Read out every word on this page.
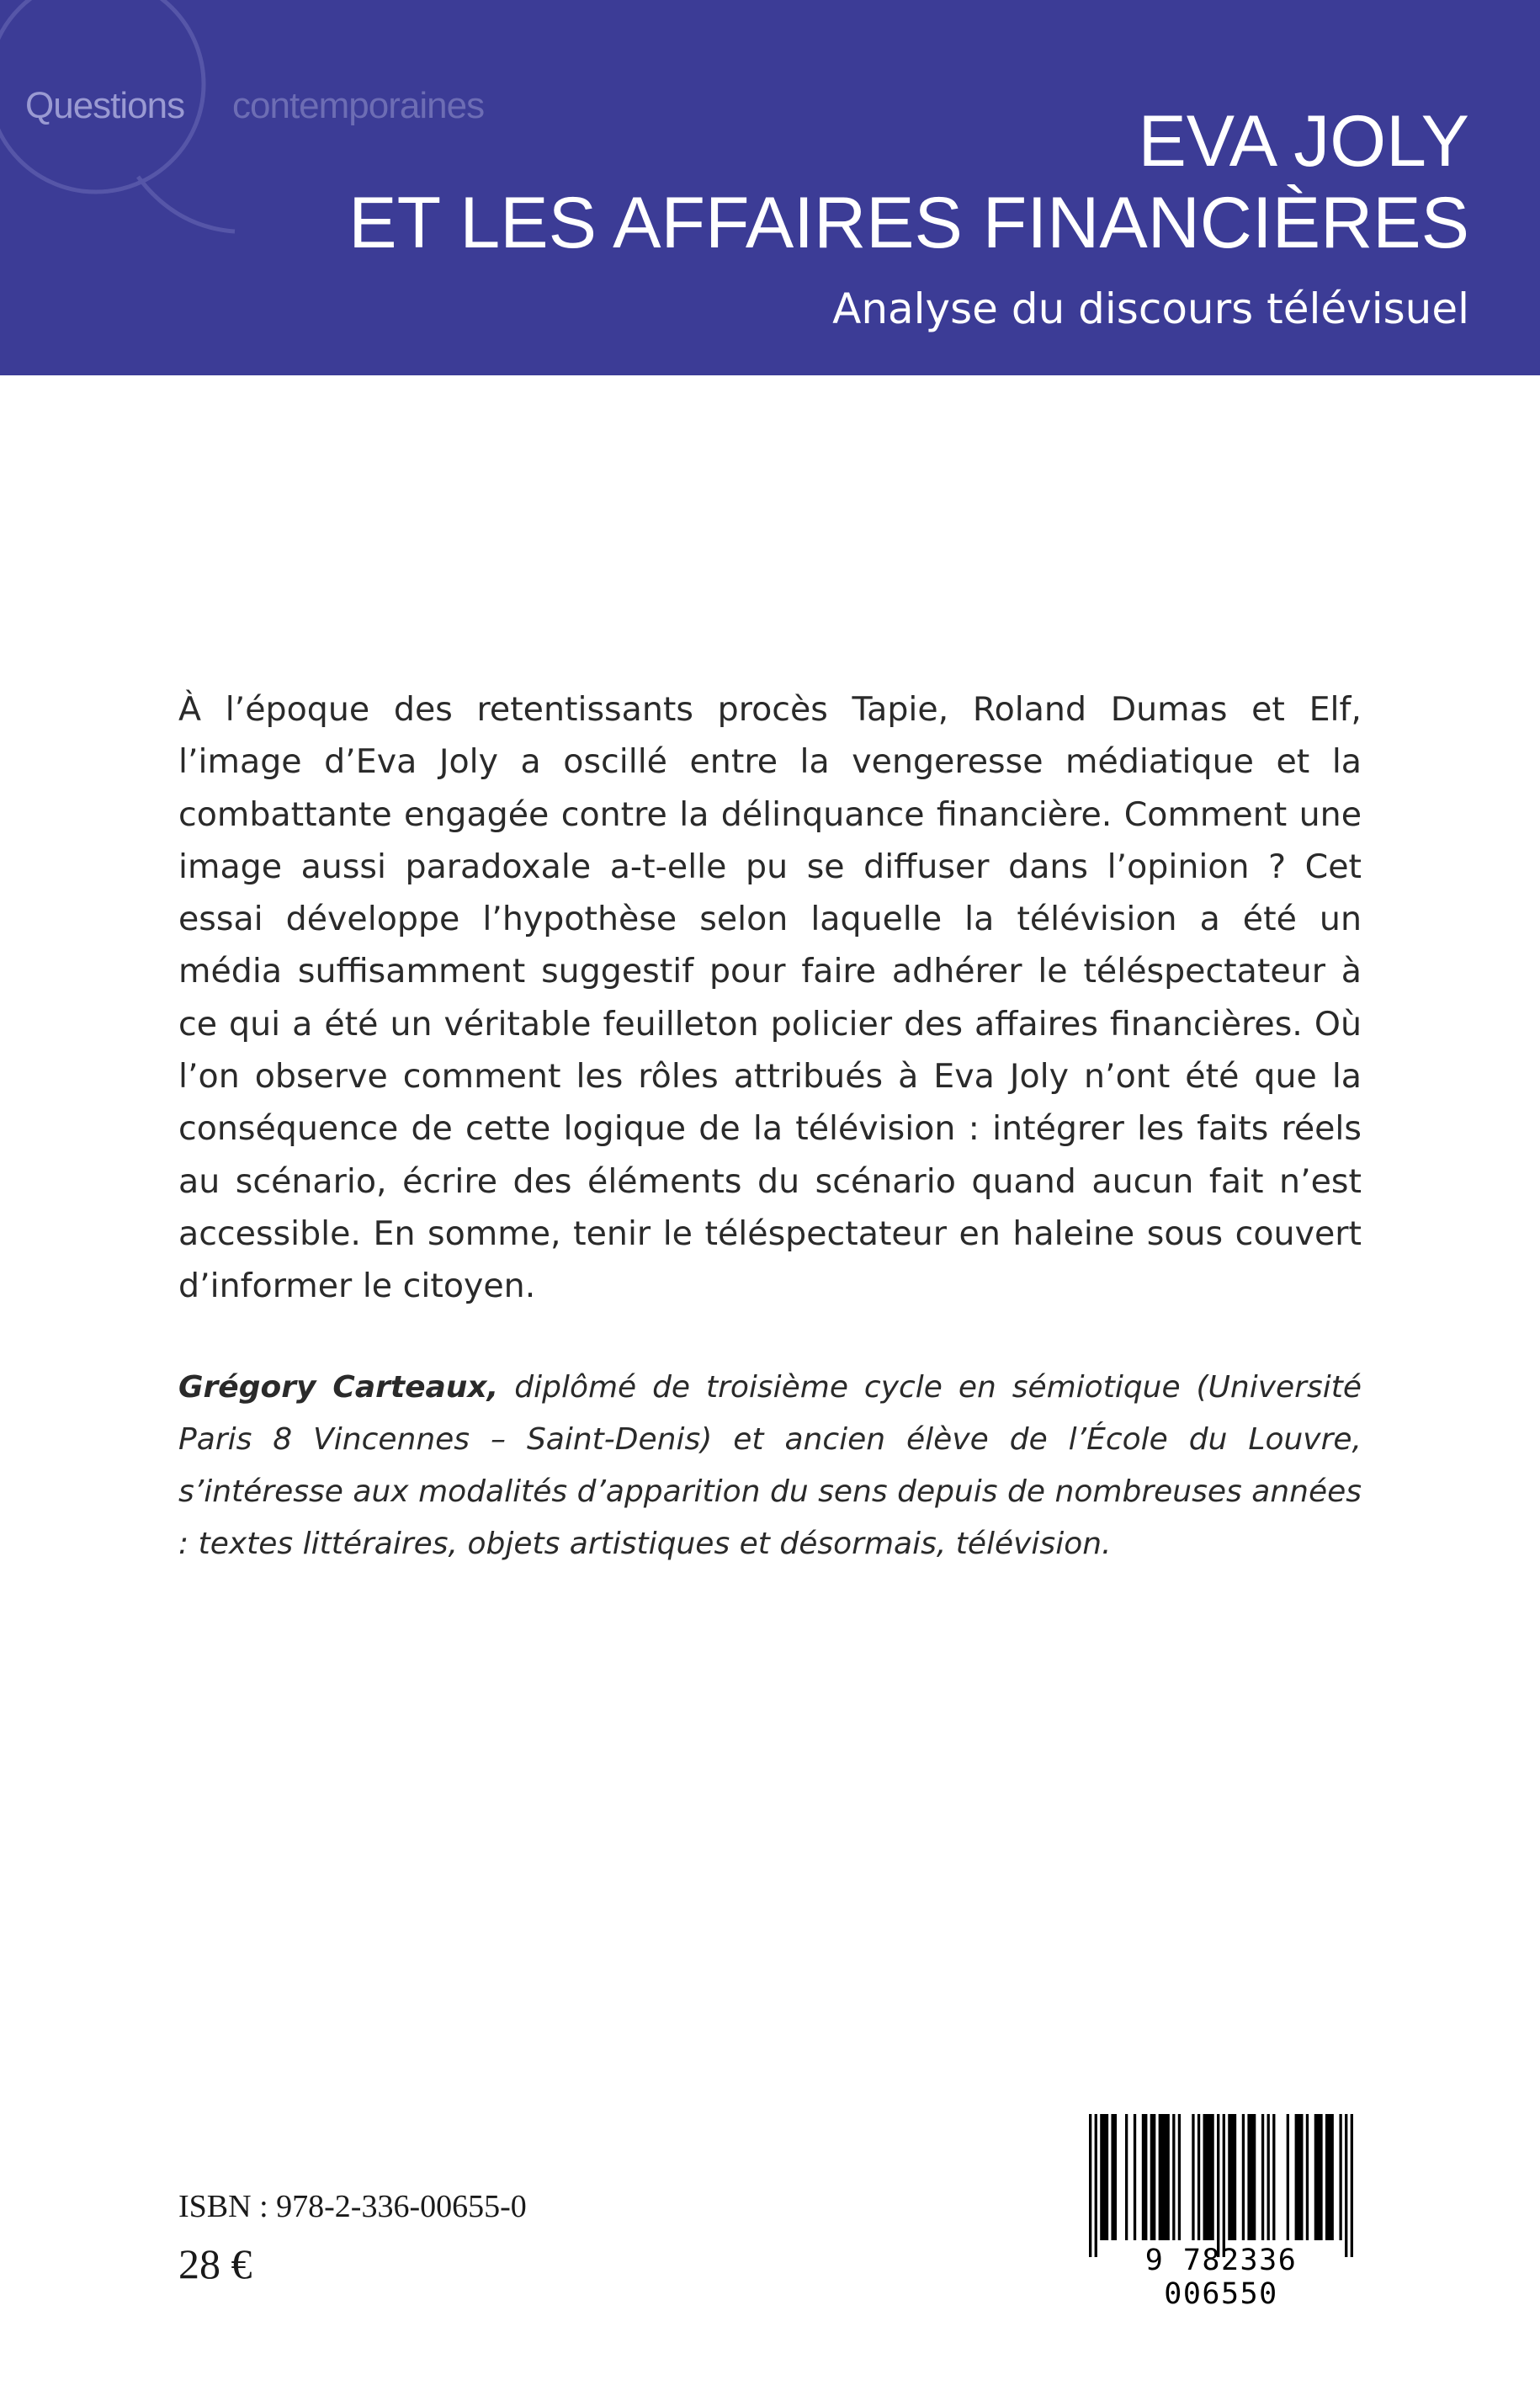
Questions contemporaines	EVA JOLY
ET LES AFFAIRES FINANCIÈRES
Analyse du discours télévisuel

À l’époque des retentissants procès Tapie, Roland Dumas et Elf, l’image d’Eva Joly a oscillé entre la vengeresse médiatique et la combattante engagée contre la délinquance financière. Comment une image aussi paradoxale a-t-elle pu se diffuser dans l’opinion ? Cet essai développe l’hypothèse selon laquelle la télévision a été un média suffisamment suggestif pour faire adhérer le téléspectateur à ce qui a été un véritable feuilleton policier des affaires financières. Où l’on observe comment les rôles attribués à Eva Joly n’ont été que la conséquence de cette logique de la télévision : intégrer les faits réels au scénario, écrire des éléments du scénario quand aucun fait n’est accessible. En somme, tenir le téléspectateur en haleine sous couvert d’informer le citoyen.

Grégory Carteaux, diplômé de troisième cycle en sémiotique (Université Paris 8 Vincennes – Saint-Denis) et ancien élève de l’École du Louvre, s’intéresse aux modalités d’apparition du sens depuis de nombreuses années : textes littéraires, objets artistiques et désormais, télévision.

ISBN : 978-2-336-00655-0
28 €	9 782336 006550
